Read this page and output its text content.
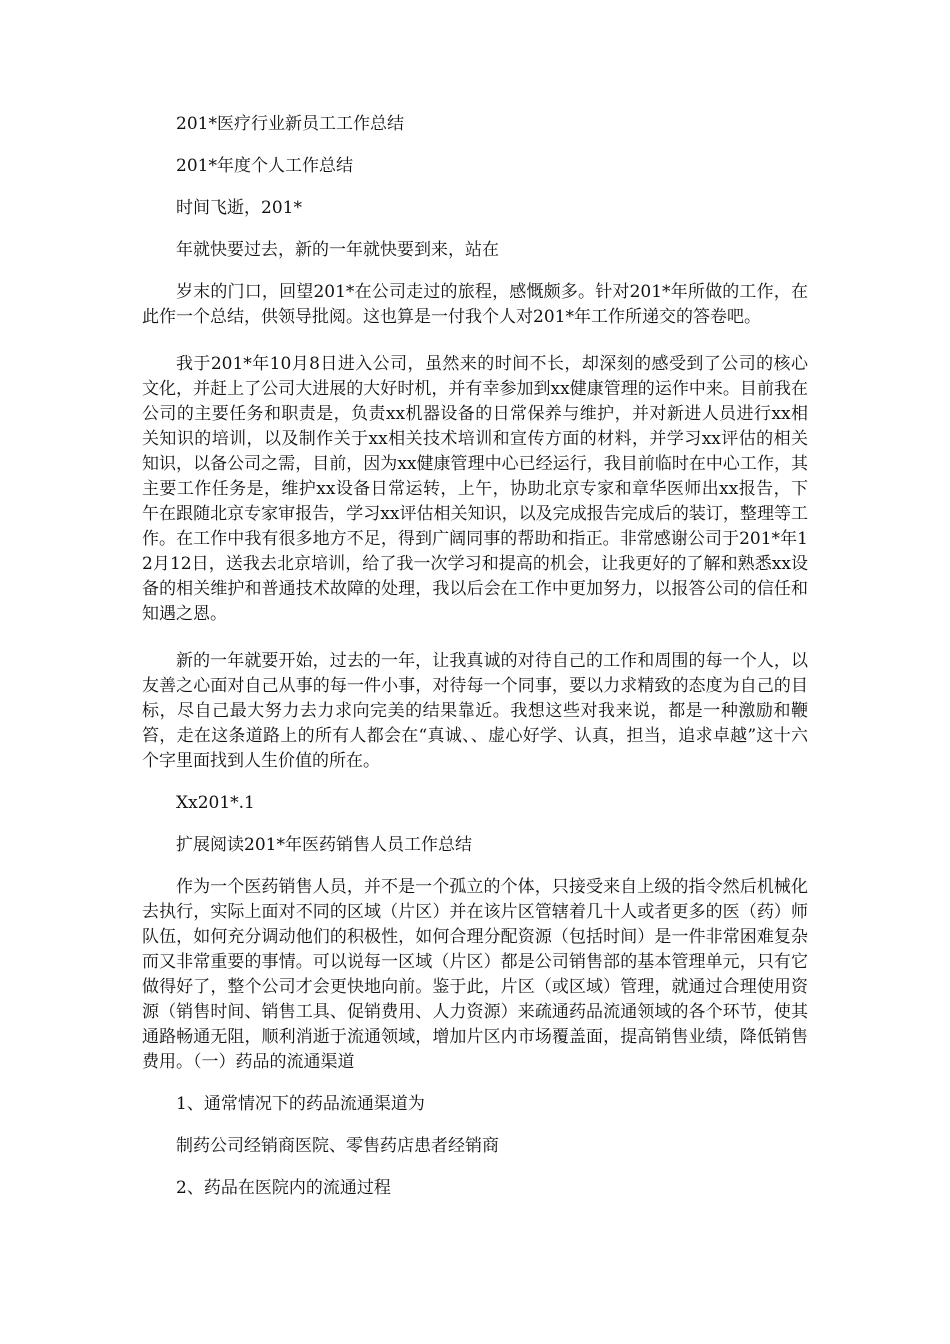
201*医疗行业新员工工作总结

201*年度个人工作总结

时间飞逝，201*

年就快要过去，新的一年就快要到来，站在

岁末的门口，回望201*在公司走过的旅程，感慨颇多。针对201*年所做的工作，在此作一个总结，供领导批阅。这也算是一付我个人对201*年工作所递交的答卷吧。

我于201*年10月8日进入公司，虽然来的时间不长，却深刻的感受到了公司的核心文化，并赶上了公司大进展的大好时机，并有幸参加到xx健康管理的运作中来。目前我在公司的主要任务和职责是，负责xx机器设备的日常保养与维护，并对新进人员进行xx相关知识的培训，以及制作关于xx相关技术培训和宣传方面的材料，并学习xx评估的相关知识，以备公司之需，目前，因为xx健康管理中心已经运行，我目前临时在中心工作，其主要工作任务是，维护xx设备日常运转，上午，协助北京专家和章华医师出xx报告，下午在跟随北京专家审报告，学习xx评估相关知识，以及完成报告完成后的装订，整理等工作。在工作中我有很多地方不足，得到广阔同事的帮助和指正。非常感谢公司于201*年12月12日，送我去北京培训，给了我一次学习和提高的机会，让我更好的了解和熟悉xx设备的相关维护和普通技术故障的处理，我以后会在工作中更加努力，以报答公司的信任和知遇之恩。

新的一年就要开始，过去的一年，让我真诚的对待自己的工作和周围的每一个人，以友善之心面对自己从事的每一件小事，对待每一个同事，要以力求精致的态度为自己的目标，尽自己最大努力去力求向完美的结果靠近。我想这些对我来说，都是一种激励和鞭笞，走在这条道路上的所有人都会在“真诚、、虚心好学、认真，担当，追求卓越”这十六个字里面找到人生价值的所在。

Xx201*.1

扩展阅读201*年医药销售人员工作总结

作为一个医药销售人员，并不是一个孤立的个体，只接受来自上级的指令然后机械化去执行，实际上面对不同的区域（片区）并在该片区管辖着几十人或者更多的医（药）师队伍，如何充分调动他们的积极性，如何合理分配资源（包括时间）是一件非常困难复杂而又非常重要的事情。可以说每一区域（片区）都是公司销售部的基本管理单元，只有它做得好了，整个公司才会更快地向前。鉴于此，片区（或区域）管理，就通过合理使用资源（销售时间、销售工具、促销费用、人力资源）来疏通药品流通领域的各个环节，使其通路畅通无阻，顺利消逝于流通领域，增加片区内市场覆盖面，提高销售业绩，降低销售费用。（一）药品的流通渠道

1、通常情况下的药品流通渠道为

制药公司经销商医院、零售药店患者经销商

2、药品在医院内的流通过程
